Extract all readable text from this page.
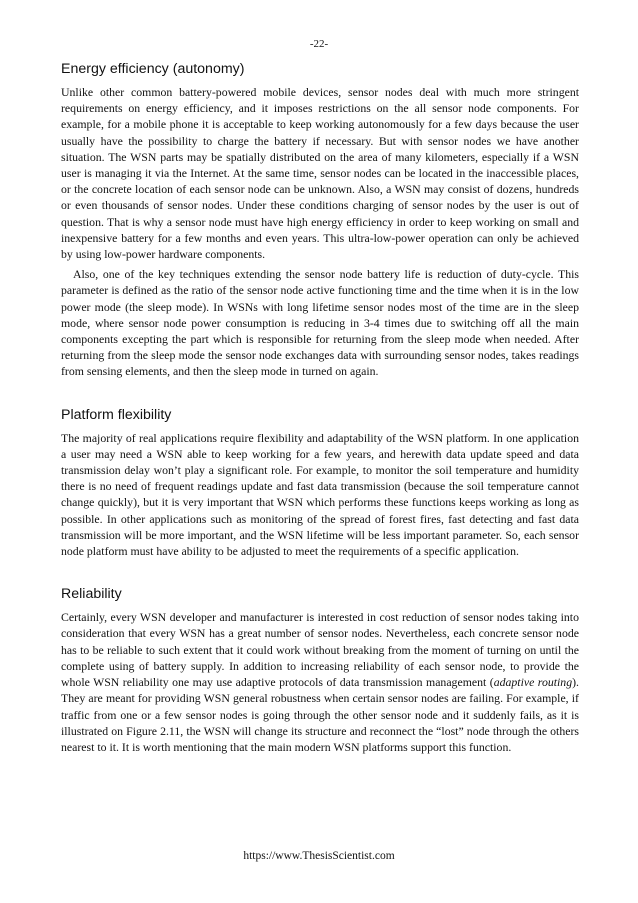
-22-
Energy efficiency (autonomy)

Unlike other common battery-powered mobile devices, sensor nodes deal with much more stringent requirements on energy efficiency, and it imposes restrictions on the all sensor node components. For example, for a mobile phone it is acceptable to keep working autonomously for a few days because the user usually have the possibility to charge the battery if necessary. But with sensor nodes we have another situation. The WSN parts may be spatially distributed on the area of many kilometers, especially if a WSN user is managing it via the Internet. At the same time, sensor nodes can be located in the inaccessible places, or the concrete location of each sensor node can be unknown. Also, a WSN may consist of dozens, hundreds or even thousands of sensor nodes. Under these conditions charging of sensor nodes by the user is out of question. That is why a sensor node must have high energy efficiency in order to keep working on small and inexpensive battery for a few months and even years. This ultra-low-power operation can only be achieved by using low-power hardware components.

Also, one of the key techniques extending the sensor node battery life is reduction of duty-cycle. This parameter is defined as the ratio of the sensor node active functioning time and the time when it is in the low power mode (the sleep mode). In WSNs with long lifetime sensor nodes most of the time are in the sleep mode, where sensor node power consumption is reducing in 3-4 times due to switching off all the main components excepting the part which is responsible for returning from the sleep mode when needed. After returning from the sleep mode the sensor node exchanges data with surrounding sensor nodes, takes readings from sensing elements, and then the sleep mode in turned on again.

Platform flexibility

The majority of real applications require flexibility and adaptability of the WSN platform. In one application a user may need a WSN able to keep working for a few years, and herewith data update speed and data transmission delay won’t play a significant role. For example, to monitor the soil temperature and humidity there is no need of frequent readings update and fast data transmission (because the soil temperature cannot change quickly), but it is very important that WSN which performs these functions keeps working as long as possible. In other applications such as monitoring of the spread of forest fires, fast detecting and fast data transmission will be more important, and the WSN lifetime will be less important parameter. So, each sensor node platform must have ability to be adjusted to meet the requirements of a specific application.

Reliability

Certainly, every WSN developer and manufacturer is interested in cost reduction of sensor nodes taking into consideration that every WSN has a great number of sensor nodes. Nevertheless, each concrete sensor node has to be reliable to such extent that it could work without breaking from the moment of turning on until the complete using of battery supply. In addition to increasing reliability of each sensor node, to provide the whole WSN reliability one may use adaptive protocols of data transmission management (adaptive routing). They are meant for providing WSN general robustness when certain sensor nodes are failing. For example, if traffic from one or a few sensor nodes is going through the other sensor node and it suddenly fails, as it is illustrated on Figure 2.11, the WSN will change its structure and reconnect the “lost” node through the others nearest to it. It is worth mentioning that the main modern WSN platforms support this function.

https://www.ThesisScientist.com
